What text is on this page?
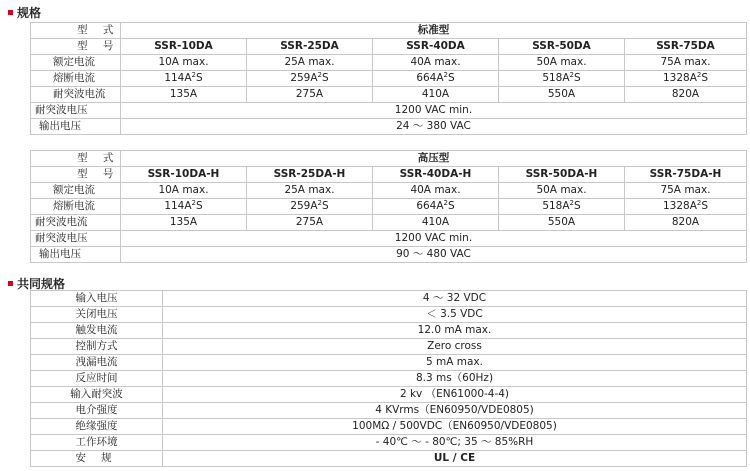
规格
型 式	标准型				
型 号	SSR-10DA	SSR-25DA	SSR-40DA	SSR-50DA	SSR-75DA
额定电流	10A max.	25A max.	40A max.	50A max.	75A max.
熔断电流	$114A^2S$	$259A^2S$	$664A^2S$	$518A^2S$	$1328A^2S$
耐突波电流	135A	275A	410A	550A	820A
耐突波电压	1200 VAC min.				
输出电压	24 ～ 380 VAC				
型 式	高压型				
型 号	SSR-10DA-H	SSR-25DA-H	SSR-40DA-H	SSR-50DA-H	SSR-75DA-H
额定电流	10A max.	25A max.	40A max.	50A max.	75A max.
熔断电流	$114A^2S$	$259A^2S$	$664A^2S$	$518A^2S$	$1328A^2S$
耐突波电流	135A	275A	410A	550A	820A
耐突波电压	1200 VAC min.				
输出电压	90 ～ 480 VAC				
共同规格
输入电压	4 ～ 32 VDC
关闭电压	＜ 3.5 VDC
触发电流	12.0 mA max.
控制方式	Zero cross
洩漏电流	5 mA max.
反应时间	8.3 ms（60Hz)
输入耐突波	2 kv （EN61000-4-4)
电介强度	4 KVrms（EN60950/VDE0805)
绝缘强度	100MΩ / 500VDC（EN60950/VDE0805)
工作环境	- 40℃ ～ - 80℃; 35 ～ 85%RH
安 规	UL / CE
